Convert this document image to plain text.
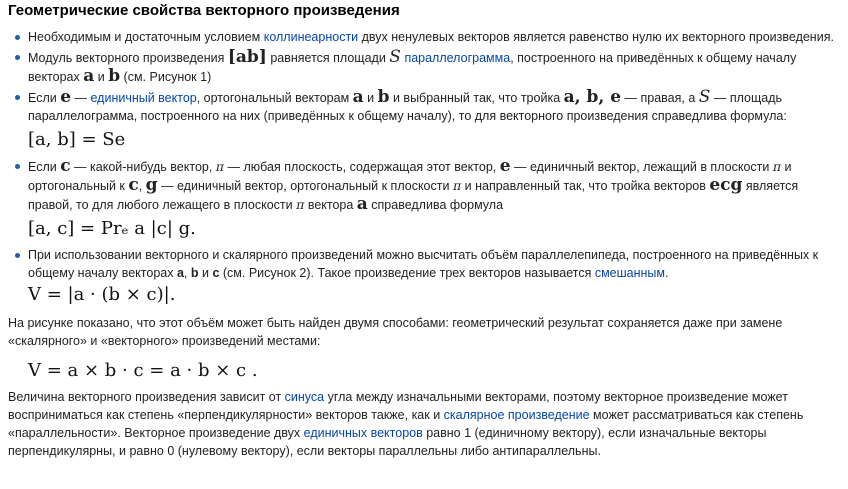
Геометрические свойства векторного произведения
Необходимым и достаточным условием коллинеарности двух ненулевых векторов является равенство нулю их векторного произведения.
Модуль векторного произведения [ab] равняется площади S параллелограмма, построенного на приведённых к общему началу векторах a и b (см. Рисунок 1)
Если e — единичный вектор, ортогональный векторам a и b и выбранный так, что тройка a, b, e — правая, а S — площадь параллелограмма, построенного на них (приведённых к общему началу), то для векторного произведения справедлива формула:
[a, b] = Se
Если c — какой-нибудь вектор, π — любая плоскость, содержащая этот вектор, e — единичный вектор, лежащий в плоскости π и ортогональный к c, g — единичный вектор, ортогональный к плоскости π и направленный так, что тройка векторов ecg является правой, то для любого лежащего в плоскости π вектора a справедлива формула
[a, c] = Prₑ a |c| g.
При использовании векторного и скалярного произведений можно высчитать объём параллелепипеда, построенного на приведённых к общему началу векторах a, b и c (см. Рисунок 2). Такое произведение трех векторов называется смешанным.
V = |a · (b × c)|.

На рисунке показано, что этот объём может быть найден двумя способами: геометрический результат сохраняется даже при замене «скалярного» и «векторного» произведений местами:

V = a × b · c = a · b × c .

Величина векторного произведения зависит от синуса угла между изначальными векторами, поэтому векторное произведение может восприниматься как степень «перпендикулярности» векторов также, как и скалярное произведение может рассматриваться как степень «параллельности». Векторное произведение двух единичных векторов равно 1 (единичному вектору), если изначальные векторы перпендикулярны, и равно 0 (нулевому вектору), если векторы параллельны либо антипараллельны.
